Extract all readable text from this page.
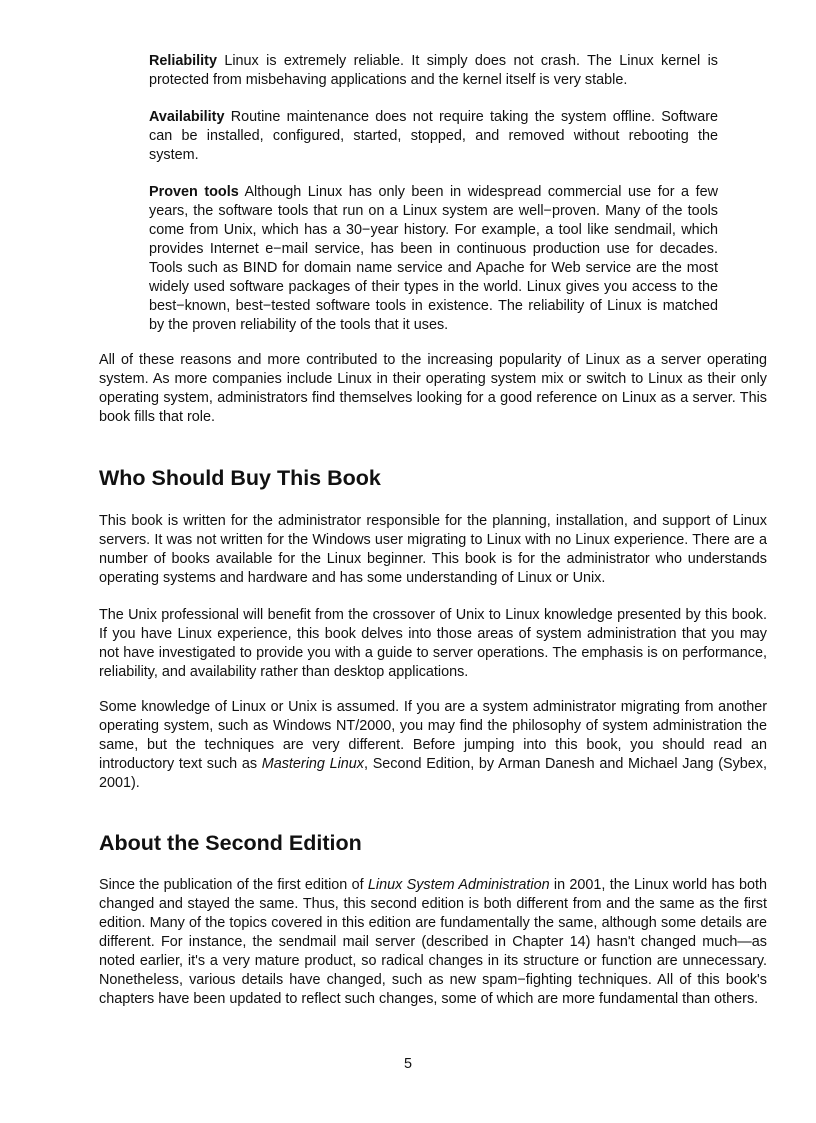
Reliability Linux is extremely reliable. It simply does not crash. The Linux kernel is protected from misbehaving applications and the kernel itself is very stable.

Availability Routine maintenance does not require taking the system offline. Software can be installed, configured, started, stopped, and removed without rebooting the system.

Proven tools Although Linux has only been in widespread commercial use for a few years, the software tools that run on a Linux system are well−proven. Many of the tools come from Unix, which has a 30−year history. For example, a tool like sendmail, which provides Internet e−mail service, has been in continuous production use for decades. Tools such as BIND for domain name service and Apache for Web service are the most widely used software packages of their types in the world. Linux gives you access to the best−known, best−tested software tools in existence. The reliability of Linux is matched by the proven reliability of the tools that it uses.

All of these reasons and more contributed to the increasing popularity of Linux as a server operating system. As more companies include Linux in their operating system mix or switch to Linux as their only operating system, administrators find themselves looking for a good reference on Linux as a server. This book fills that role.

Who Should Buy This Book

This book is written for the administrator responsible for the planning, installation, and support of Linux servers. It was not written for the Windows user migrating to Linux with no Linux experience. There are a number of books available for the Linux beginner. This book is for the administrator who understands operating systems and hardware and has some understanding of Linux or Unix.

The Unix professional will benefit from the crossover of Unix to Linux knowledge presented by this book. If you have Linux experience, this book delves into those areas of system administration that you may not have investigated to provide you with a guide to server operations. The emphasis is on performance, reliability, and availability rather than desktop applications.

Some knowledge of Linux or Unix is assumed. If you are a system administrator migrating from another operating system, such as Windows NT/2000, you may find the philosophy of system administration the same, but the techniques are very different. Before jumping into this book, you should read an introductory text such as Mastering Linux, Second Edition, by Arman Danesh and Michael Jang (Sybex, 2001).

About the Second Edition

Since the publication of the first edition of Linux System Administration in 2001, the Linux world has both changed and stayed the same. Thus, this second edition is both different from and the same as the first edition. Many of the topics covered in this edition are fundamentally the same, although some details are different. For instance, the sendmail mail server (described in Chapter 14) hasn't changed much—as noted earlier, it's a very mature product, so radical changes in its structure or function are unnecessary. Nonetheless, various details have changed, such as new spam−fighting techniques. All of this book's chapters have been updated to reflect such changes, some of which are more fundamental than others.

5
